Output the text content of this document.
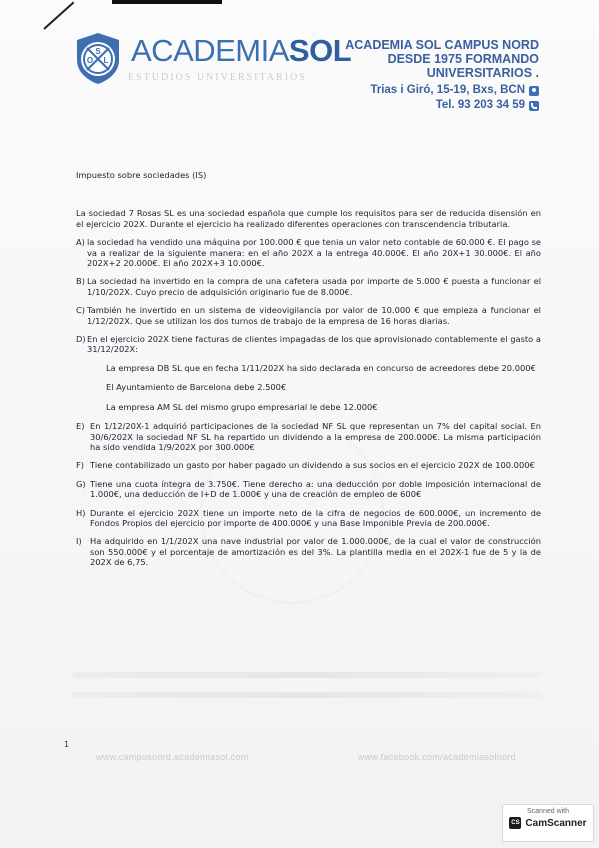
S
O L ACADEMIASOL
ESTUDIOS UNIVERSITARIOS
ACADEMIA SOL CAMPUS NORD
DESDE 1975 FORMANDO
UNIVERSITARIOS .
Trias i Giró, 15-19, Bxs, BCN
Tel. 93 203 34 59

Impuesto sobre sociedades (IS)

La sociedad 7 Rosas SL es una sociedad española que cumple los requisitos para ser de reducida disensión en el ejercicio 202X. Durante el ejercicio ha realizado diferentes operaciones con transcendencia tributaria.

A) la sociedad ha vendido una máquina por 100.000 € que tenia un valor neto contable de 60.000 €. El pago se va a realizar de la siguiente manera: en el año 202X a la entrega 40.000€. El año 20X+1 30.000€. El año 202X+2 20.000€. El año 202X+3 10.000€.
B) La sociedad ha invertido en la compra de una cafetera usada por importe de 5.000 € puesta a funcionar el 1/10/202X. Cuyo precio de adquisición originario fue de 8.000€.
C) También he invertido en un sistema de videovigilancia por valor de 10.000 € que empieza a funcionar el 1/12/202X. Que se utilizan los dos turnos de trabajo de la empresa de 16 horas diarias.
D) En el ejercicio 202X tiene facturas de clientes impagadas de los que aprovisionado contablemente el gasto a 31/12/202X:

La empresa DB SL que en fecha 1/11/202X ha sido declarada en concurso de acreedores debe 20.000€

El Ayuntamiento de Barcelona debe 2.500€

La empresa AM SL del mismo grupo empresarial le debe 12.000€

E) En 1/12/20X-1 adquirió participaciones de la sociedad NF SL que representan un 7% del capital social. En 30/6/202X la sociedad NF SL ha repartido un dividendo a la empresa de 200.000€. La misma participación ha sido vendida 1/9/202X por 300.000€
F) Tiene contabilizado un gasto por haber pagado un dividendo a sus socios en el ejercicio 202X de 100.000€
G) Tiene una cuota íntegra de 3.750€. Tiene derecho a: una deducción por doble imposición internacional de 1.000€, una deducción de I+D de 1.000€ y una de creación de empleo de 600€
H) Durante el ejercicio 202X tiene un importe neto de la cifra de negocios de 600.000€, un incremento de Fondos Propios del ejercicio por importe de 400.000€ y una Base Imponible Previa de 200.000€.
I)	Ha adquirido en 1/1/202X una nave industrial por valor de 1.000.000€, de la cual el valor de construcción son 550.000€ y el porcentaje de amortización es del 3%. La plantilla media en el 202X-1 fue de 5 y la de 202X de 6,75.
1
www.campusnord.academiasol.com	www.facebook.com/academiasolnord
Scanned with
CS CamScanner
